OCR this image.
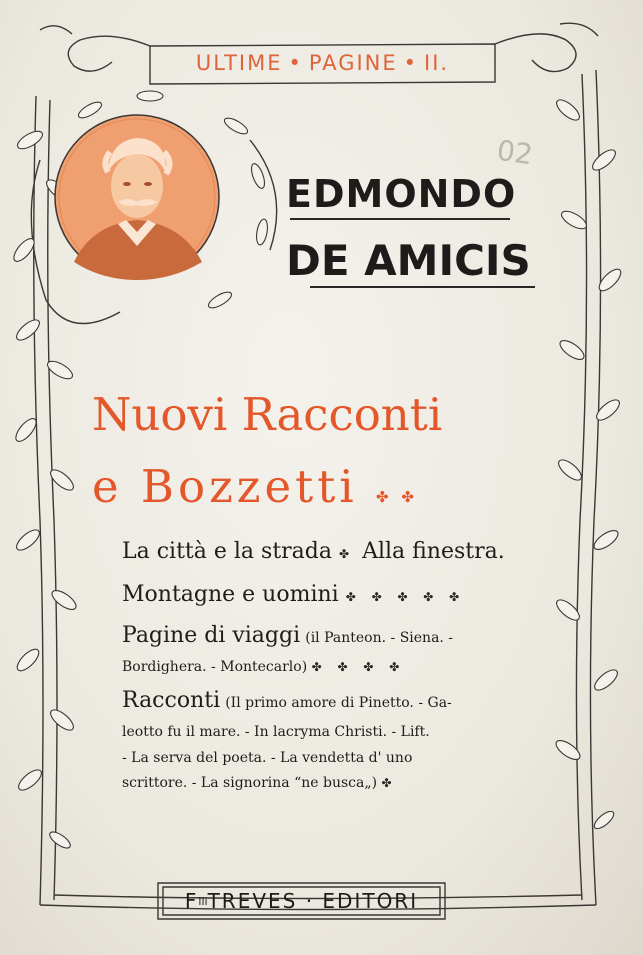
ULTIME • PAGINE • II.
02
EDMONDO
DE AMICIS
Nuovi Racconti
e Bozzetti ✤ ✤
La città e la strada ✤ Alla finestra.
Montagne e uomini ✤ ✤ ✤ ✤ ✤
Pagine di viaggi (il Panteon. - Siena. -
Bordighera. - Montecarlo) ✤ ✤ ✤ ✤
Racconti (Il primo amore di Pinetto. - Ga-
leotto fu il mare. - In lacryma Christi. - Lift.
- La serva del poeta. - La vendetta d' uno
scrittore. - La signorina “ne busca„) ✤
F lli TREVES · EDITORI
